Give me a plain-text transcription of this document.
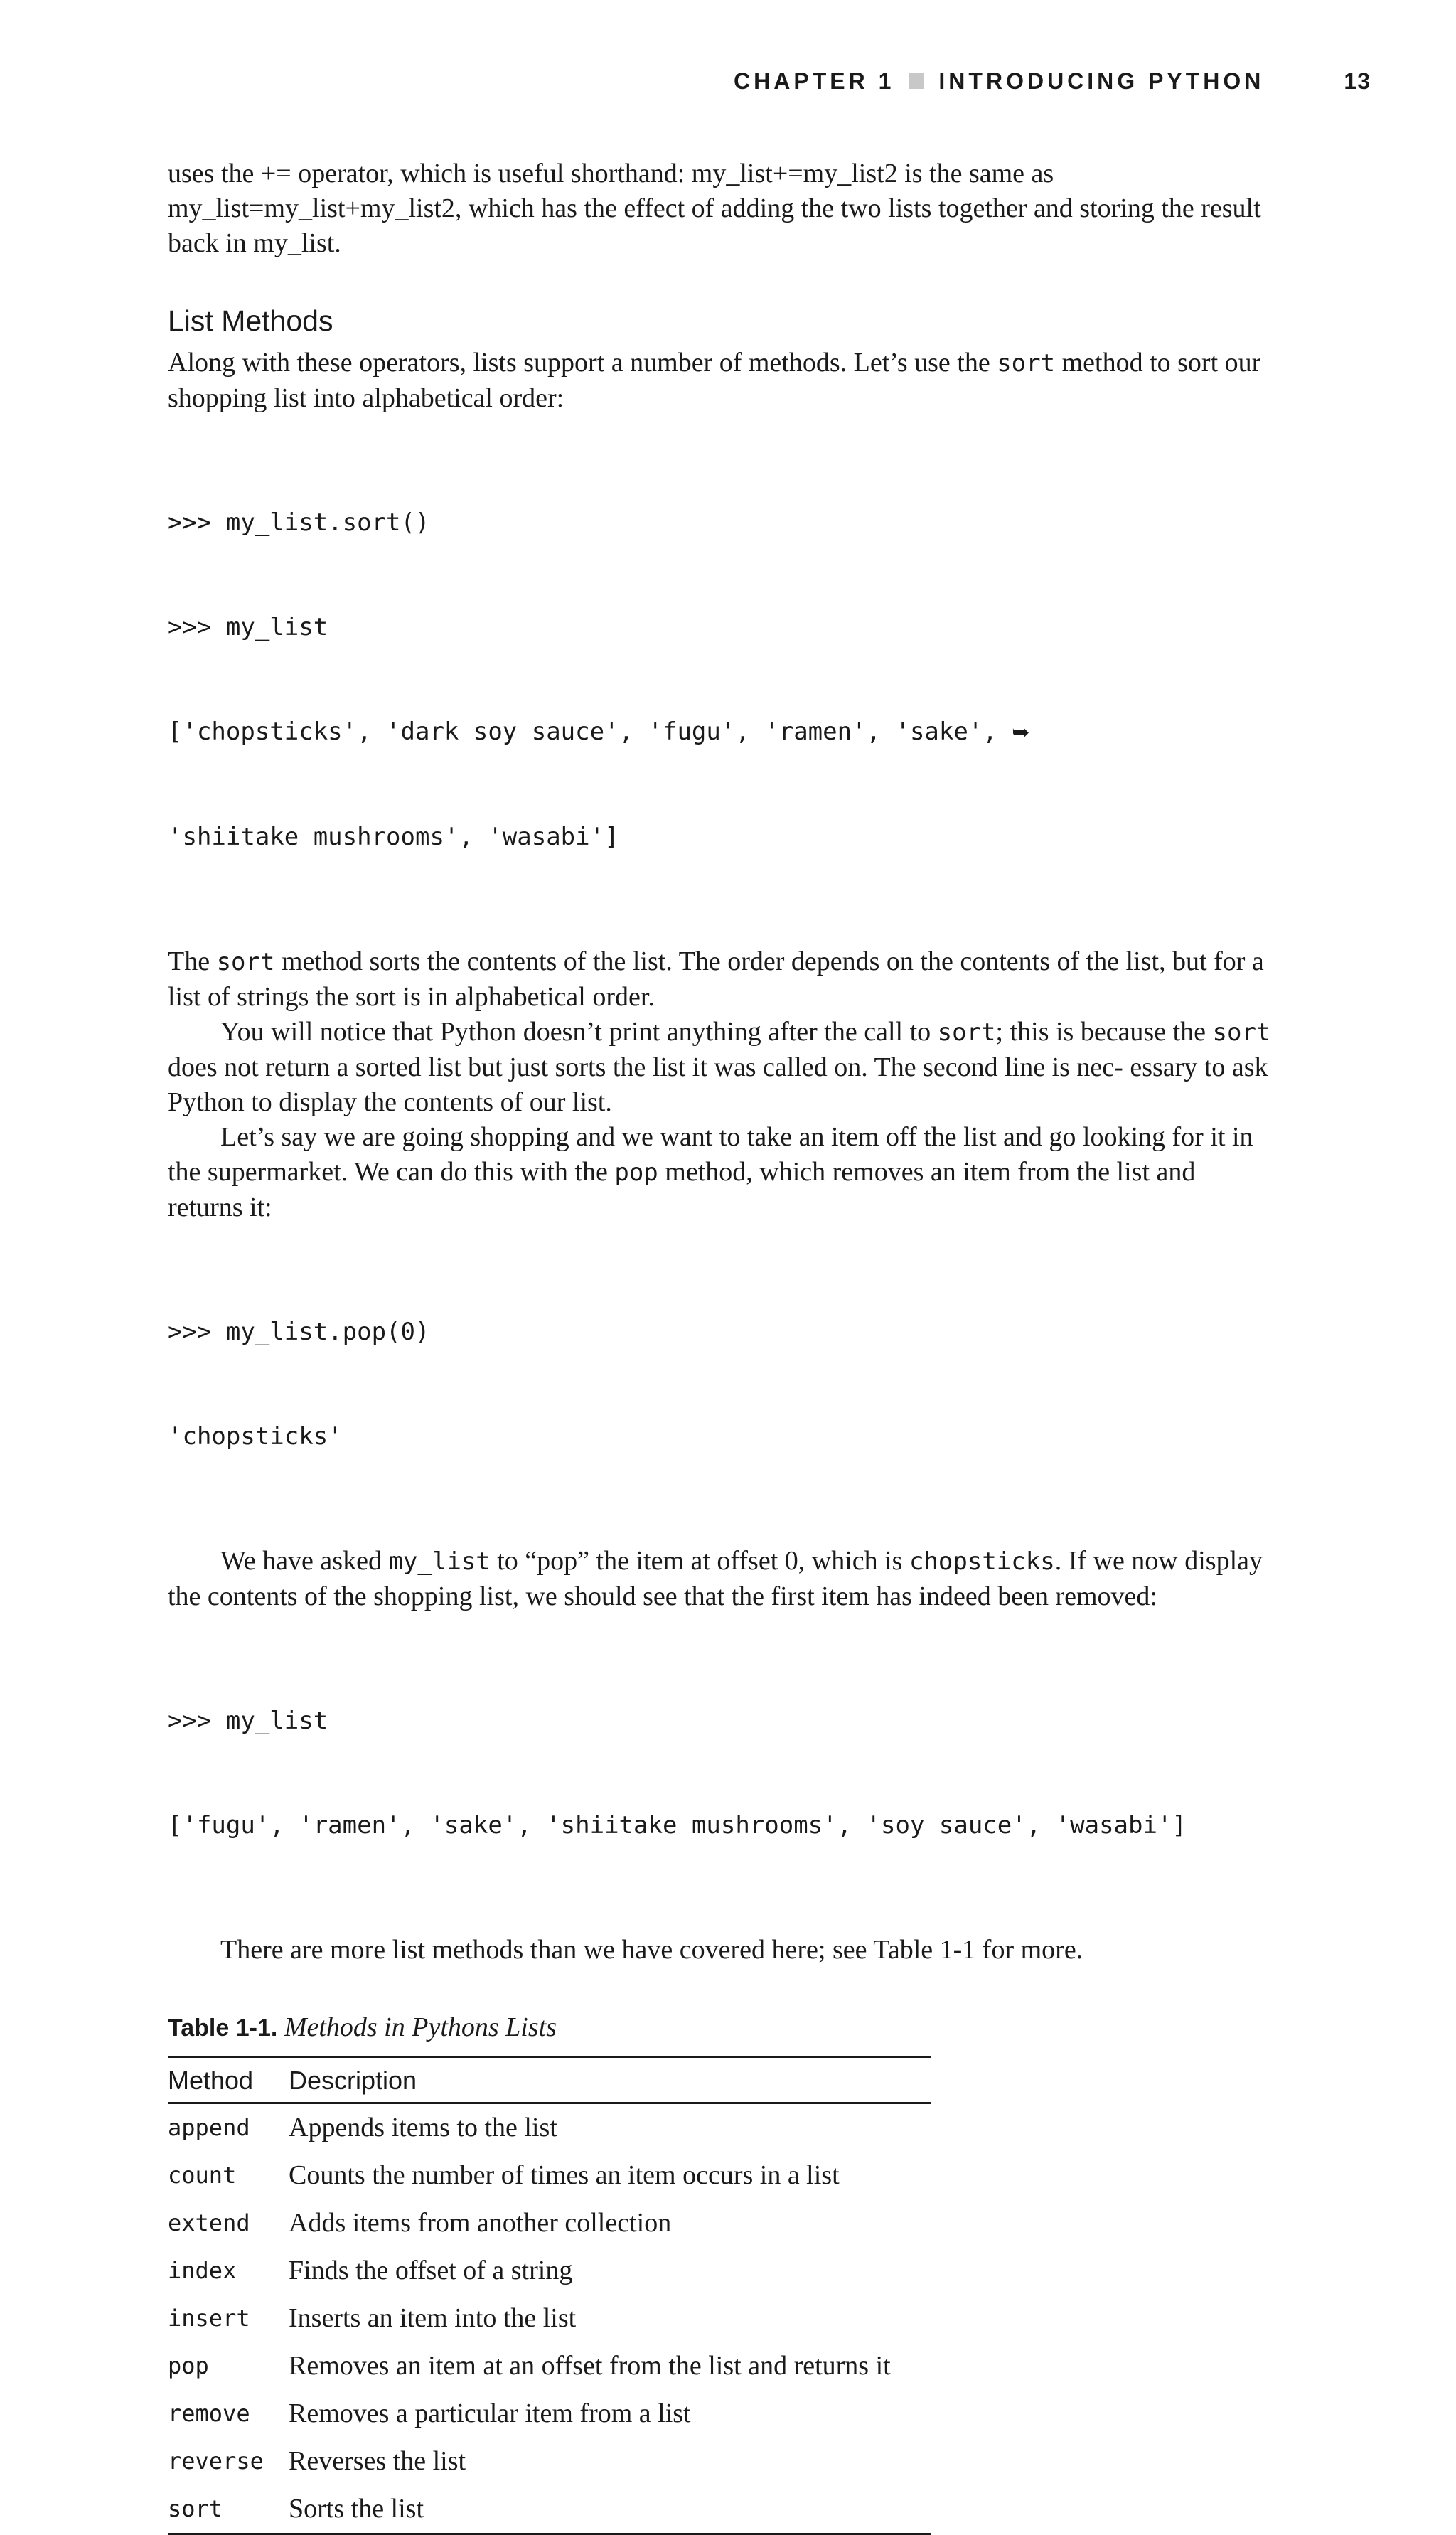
CHAPTER 1 INTRODUCING PYTHON	13

uses the += operator, which is useful shorthand: my_list+=my_list2 is the same as my_list=my_list+my_list2, which has the effect of adding the two lists together and storing the result back in my_list.

List Methods

Along with these operators, lists support a number of methods. Let’s use the sort method to sort our shopping list into alphabetical order:

>>> my_list.sort()

>>> my_list

['chopsticks', 'dark soy sauce', 'fugu', 'ramen', 'sake', ➥

'shiitake mushrooms', 'wasabi']

The sort method sorts the contents of the list. The order depends on the contents of the list, but for a list of strings the sort is in alphabetical order.

You will notice that Python doesn’t print anything after the call to sort; this is because the sort does not return a sorted list but just sorts the list it was called on. The second line is nec- essary to ask Python to display the contents of our list.

Let’s say we are going shopping and we want to take an item off the list and go looking for it in the supermarket. We can do this with the pop method, which removes an item from the list and returns it:

>>> my_list.pop(0)

'chopsticks'

We have asked my_list to “pop” the item at offset 0, which is chopsticks. If we now display the contents of the shopping list, we should see that the first item has indeed been removed:

>>> my_list

['fugu', 'ramen', 'sake', 'shiitake mushrooms', 'soy sauce', 'wasabi']

There are more list methods than we have covered here; see Table 1-1 for more.

Table 1-1. Methods in Pythons Lists
Method	Description
append	Appends items to the list
count	Counts the number of times an item occurs in a list
extend	Adds items from another collection
index	Finds the offset of a string
insert	Inserts an item into the list
pop	Removes an item at an offset from the list and returns it
remove	Removes a particular item from a list
reverse	Reverses the list
sort	Sorts the list
